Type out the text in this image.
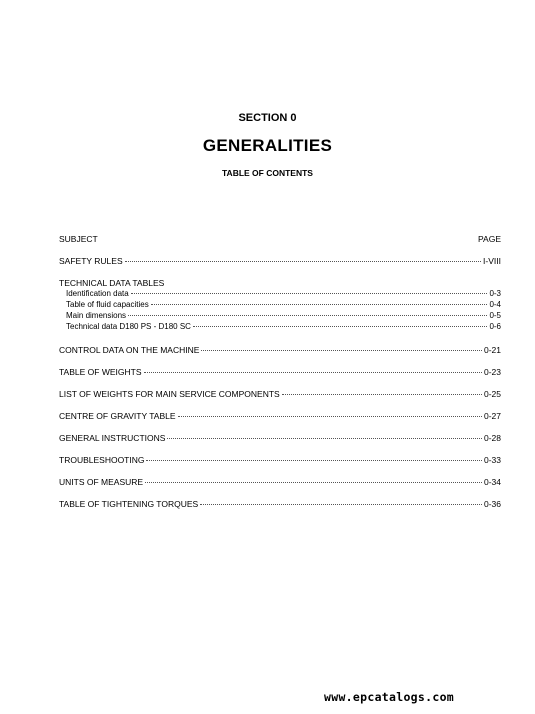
SECTION 0
GENERALITIES
TABLE OF CONTENTS
SUBJECT	PAGE
SAFETY RULES	I-VIII
TECHNICAL DATA TABLES
Identification data	0-3
Table of fluid capacities	0-4
Main dimensions	0-5
Technical data D180 PS - D180 SC	0-6
CONTROL DATA ON THE MACHINE	0-21
TABLE OF WEIGHTS	0-23
LIST OF WEIGHTS FOR MAIN SERVICE COMPONENTS	0-25
CENTRE OF GRAVITY TABLE	0-27
GENERAL INSTRUCTIONS	0-28
TROUBLESHOOTING	0-33
UNITS OF MEASURE	0-34
TABLE OF TIGHTENING TORQUES	0-36
www.epcatalogs.com
